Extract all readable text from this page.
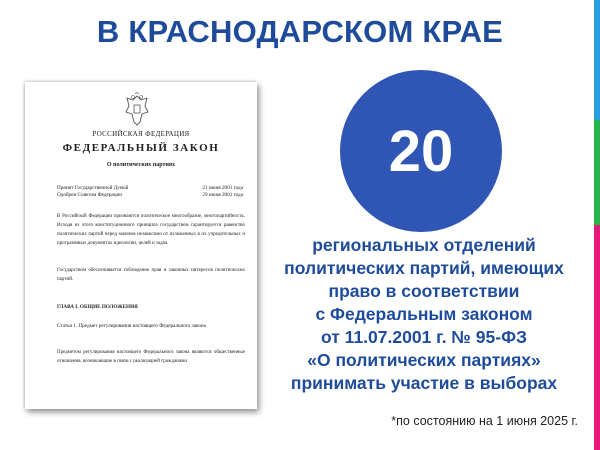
В КРАСНОДАРСКОМ КРАЕ
РОССИЙСКАЯ ФЕДЕРАЦИЯ
ФЕДЕРАЛЬНЫЙ ЗАКОН
О политических партиях
Принят Государственной Думой
Одобрен Советом Федерации
21 июня 2001 года
29 июня 2001 года
В Российской Федерации признаются политическое многообразие, многопартийность. Исходя из этого конституционного принципа государством гарантируется равенство политических партий перед законом независимо от изложенных в их учредительных и программных документах идеологии, целей и задач.
Государством обеспечивается соблюдение прав и законных интересов политических партий.
ГЛАВА I. ОБЩИЕ ПОЛОЖЕНИЯ
Статья 1. Предмет регулирования настоящего Федерального закона
Предметом регулирования настоящего Федерального закона являются общественные отношения, возникающие в связи с реализацией гражданами
20
региональных отделений
политических партий, имеющих
право в соответствии
с Федеральным законом
от 11.07.2001 г. № 95-ФЗ
«О политических партиях»
принимать участие в выборах
*по состоянию на 1 июня 2025 г.
